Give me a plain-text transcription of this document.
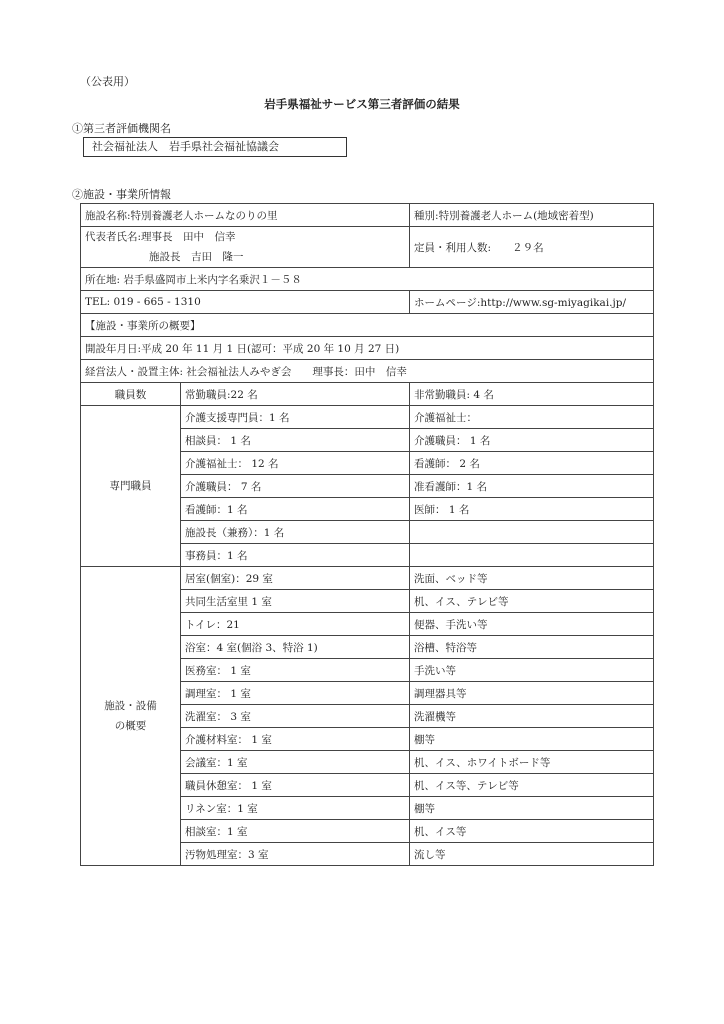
（公表用）
岩手県福祉サービス第三者評価の結果
①第三者評価機関名
社会福祉法人　岩手県社会福祉協議会
②施設・事業所情報
施設名称:特別養護老人ホームなのりの里		種別:特別養護老人ホーム(地域密着型)

代表者氏名:理事長　田中　信幸
施設長　吉田　隆一		定員・利用人数:　　２９名
所在地: 岩手県盛岡市上米内字名乗沢１－５８		
TEL: 019 - 665 - 1310		ホームページ:http://www.sg-miyagikai.jp/
【施設・事業所の概要】		
開設年月日:平成 20 年 11 月 1 日(認可：平成 20 年 10 月 27 日)		
経営法人・設置主体: 社会福祉法人みやぎ会　　理事長：田中　信幸		
職員数	常勤職員:22 名	非常勤職員: 4 名

専門職員	介護支援専門員：1 名	介護福祉士：
	相談員： 1 名	介護職員： 1 名
	介護福祉士： 12 名	看護師： 2 名
	介護職員： 7 名	准看護師：1 名
	看護師：1 名	医師： 1 名
	施設長（兼務）：1 名	
	事務員：1 名	

施設・設備
の概要	居室(個室)：29 室	洗面、ベッド等
	共同生活室里 1 室	机、イス、テレビ等
	トイレ：21	便器、手洗い等
	浴室：4 室(個浴 3、特浴 1)	浴槽、特浴等
	医務室： 1 室	手洗い等
	調理室： 1 室	調理器具等
	洗濯室： 3 室	洗濯機等
	介護材料室： 1 室	棚等
	会議室：1 室	机、イス、ホワイトボード等
	職員休憩室： 1 室	机、イス等、テレビ等
	リネン室：1 室	棚等
	相談室：1 室	机、イス等
	汚物処理室：3 室	流し等
